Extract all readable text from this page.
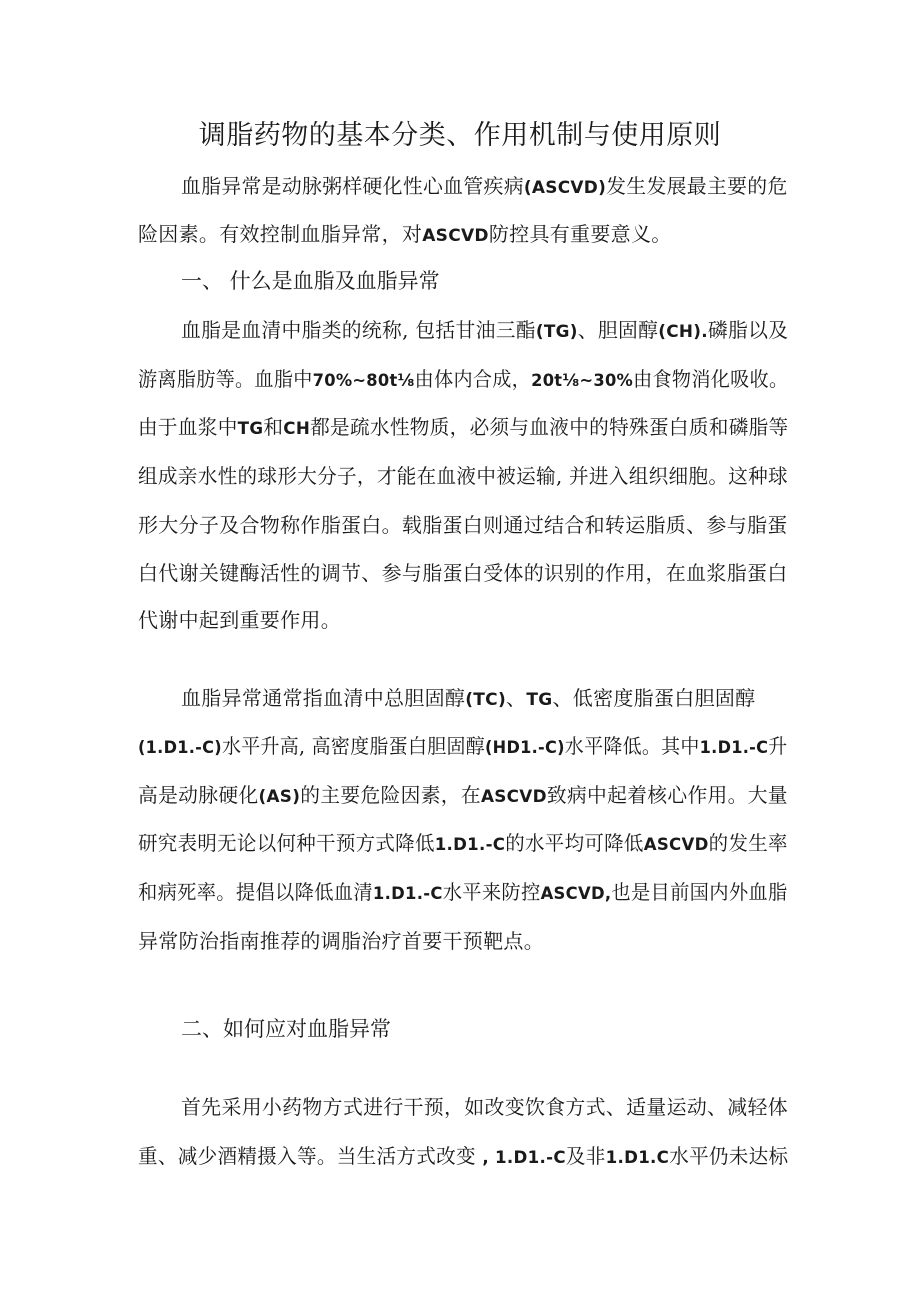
调脂药物的基本分类、作用机制与使用原则
血脂异常是动脉粥样硬化性心血管疾病(ASCVD)发生发展最主要的危
险因素。有效控制血脂异常，对ASCVD防控具有重要意义。
一、 什么是血脂及血脂异常
血脂是血清中脂类的统称, 包括甘油三酯(TG)、胆固醇(CH).磷脂以及
游离脂肪等。血脂中70%~80t⅛由体内合成，20t⅛~30%由食物消化吸收。
由于血浆中TG和CH都是疏水性物质，必须与血液中的特殊蛋白质和磷脂等
组成亲水性的球形大分子，才能在血液中被运输, 并进入组织细胞。这种球
形大分子及合物称作脂蛋白。载脂蛋白则通过结合和转运脂质、参与脂蛋
白代谢关键酶活性的调节、参与脂蛋白受体的识别的作用，在血浆脂蛋白
代谢中起到重要作用。
血脂异常通常指血清中总胆固醇(TC)、TG、低密度脂蛋白胆固醇
(1.D1.-C)水平升高, 高密度脂蛋白胆固醇(HD1.-C)水平降低。其中1.D1.-C升
高是动脉硬化(AS)的主要危险因素，在ASCVD致病中起着核心作用。大量
研究表明无论以何种干预方式降低1.D1.-C的水平均可降低ASCVD的发生率
和病死率。提倡以降低血清1.D1.-C水平来防控ASCVD,也是目前国内外血脂
异常防治指南推荐的调脂治疗首要干预靶点。
二、如何应对血脂异常
首先采用小药物方式进行干预，如改变饮食方式、适量运动、减轻体
重、减少酒精摄入等。当生活方式改变 , 1.D1.-C及非1.D1.C水平仍未达标
